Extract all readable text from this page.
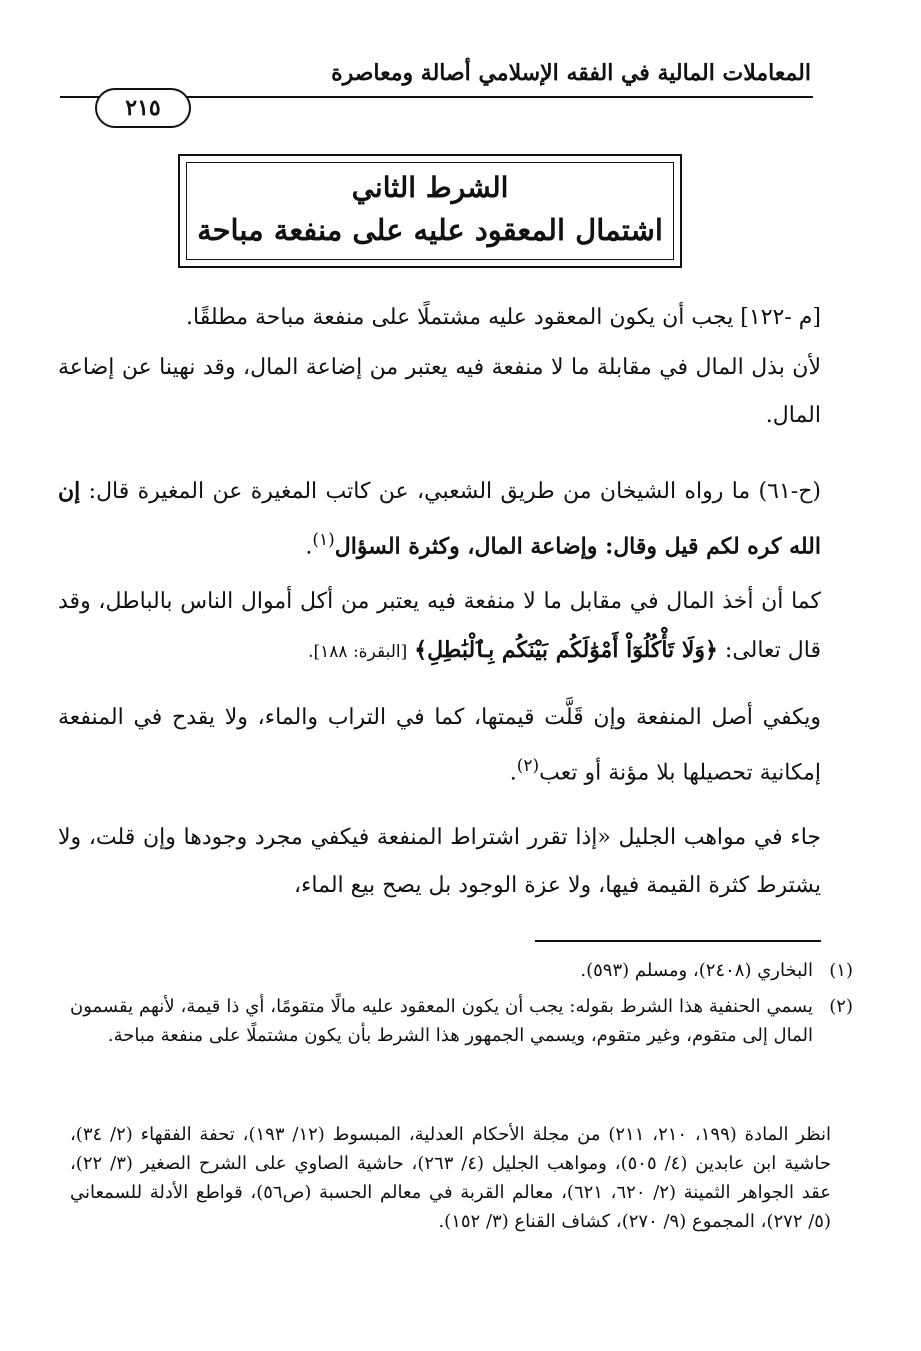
المعاملات المالية في الفقه الإسلامي أصالة ومعاصرة
٢١٥
الشرط الثاني
اشتمال المعقود عليه على منفعة مباحة

[م -١٢٢] يجب أن يكون المعقود عليه مشتملًا على منفعة مباحة مطلقًا.

لأن بذل المال في مقابلة ما لا منفعة فيه يعتبر من إضاعة المال، وقد نهينا عن إضاعة المال.

(ح-٦١) ما رواه الشيخان من طريق الشعبي، عن كاتب المغيرة عن المغيرة قال: إن الله كره لكم قيل وقال: وإضاعة المال، وكثرة السؤال$^{(١)}$.

كما أن أخذ المال في مقابل ما لا منفعة فيه يعتبر من أكل أموال الناس بالباطل، وقد قال تعالى: ﴿وَلَا تَأْكُلُوٓاْ أَمْوَٰلَكُم بَيْنَكُم بِٱلْبَٰطِلِ﴾ [البقرة: ١٨٨].

ويكفي أصل المنفعة وإن قَلَّت قيمتها، كما في التراب والماء، ولا يقدح في المنفعة إمكانية تحصيلها بلا مؤنة أو تعب$^{(٢)}$.

جاء في مواهب الجليل «إذا تقرر اشتراط المنفعة فيكفي مجرد وجودها وإن قلت، ولا يشترط كثرة القيمة فيها، ولا عزة الوجود بل يصح بيع الماء،

(١)

البخاري (٢٤٠٨)، ومسلم (٥٩٣).

(٢)

يسمي الحنفية هذا الشرط بقوله: يجب أن يكون المعقود عليه مالًا متقومًا، أي ذا قيمة، لأنهم يقسمون المال إلى متقوم، وغير متقوم، ويسمي الجمهور هذا الشرط بأن يكون مشتملًا على منفعة مباحة.

انظر المادة (١٩٩، ٢١٠، ٢١١) من مجلة الأحكام العدلية، المبسوط (١٢/ ١٩٣)، تحفة الفقهاء (٢/ ٣٤)، حاشية ابن عابدين (٤/ ٥٠٥)، ومواهب الجليل (٤/ ٢٦٣)، حاشية الصاوي على الشرح الصغير (٣/ ٢٢)، عقد الجواهر الثمينة (٢/ ٦٢٠، ٦٢١)، معالم القربة في معالم الحسبة (ص٥٦)، قواطع الأدلة للسمعاني (٥/ ٢٧٢)، المجموع (٩/ ٢٧٠)، كشاف القناع (٣/ ١٥٢).
